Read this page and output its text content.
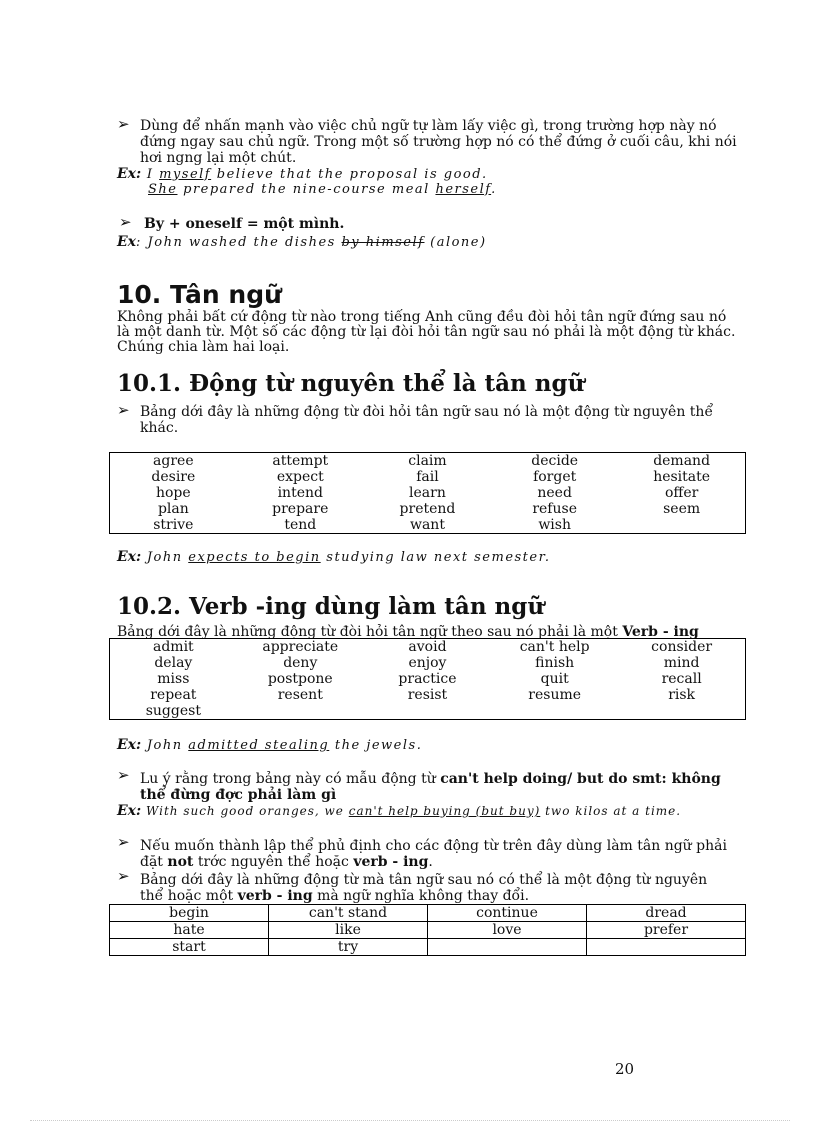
➢ Dùng để nhấn mạnh vào việc chủ ngữ tự làm lấy việc gì, trong trường hợp này nó
đứng ngay sau chủ ngữ. Trong một số trường hợp nó có thể đứng ở cuối câu, khi nói
hơi ngng lại một chút.
Ex: I myself believe that the proposal is good.
She prepared the nine-course meal herself.
➢ By + oneself = một mình.
Ex: John washed the dishes by himself (alone)
10. Tân ngữ
Không phải bất cứ động từ nào trong tiếng Anh cũng đều đòi hỏi tân ngữ đứng sau nó
là một danh từ. Một số các động từ lại đòi hỏi tân ngữ sau nó phải là một động từ khác.
Chúng chia làm hai loại.
10.1. Động từ nguyên thể là tân ngữ
➢ Bảng dới đây là những động từ đòi hỏi tân ngữ sau nó là một động từ nguyên thể
khác.
agree	attempt	claim	decide	demand
desire	expect	fail	forget	hesitate
hope	intend	learn	need	offer
plan	prepare	pretend	refuse	seem
strive	tend	want	wish	
Ex: John expects to begin studying law next semester.
10.2. Verb -ing dùng làm tân ngữ
Bảng dới đây là những động từ đòi hỏi tân ngữ theo sau nó phải là một Verb - ing
admit	appreciate	avoid	can't help	consider
delay	deny	enjoy	finish	mind
miss	postpone	practice	quit	recall
repeat	resent	resist	resume	risk
suggest				
Ex: John admitted stealing the jewels.
➢ Lu ý rằng trong bảng này có mẫu động từ can't help doing/ but do smt: không
thể đừng đợc phải làm gì
Ex: With such good oranges, we can't help buying (but buy) two kilos at a time.
➢ Nếu muốn thành lập thể phủ định cho các động từ trên đây dùng làm tân ngữ phải
đặt not trớc nguyên thể hoặc verb - ing.
➢ Bảng dới đây là những động từ mà tân ngữ sau nó có thể là một động từ nguyên
thể hoặc một verb - ing mà ngữ nghĩa không thay đổi.
begin	can't stand	continue	dread
hate	like	love	prefer
start	try		
20
